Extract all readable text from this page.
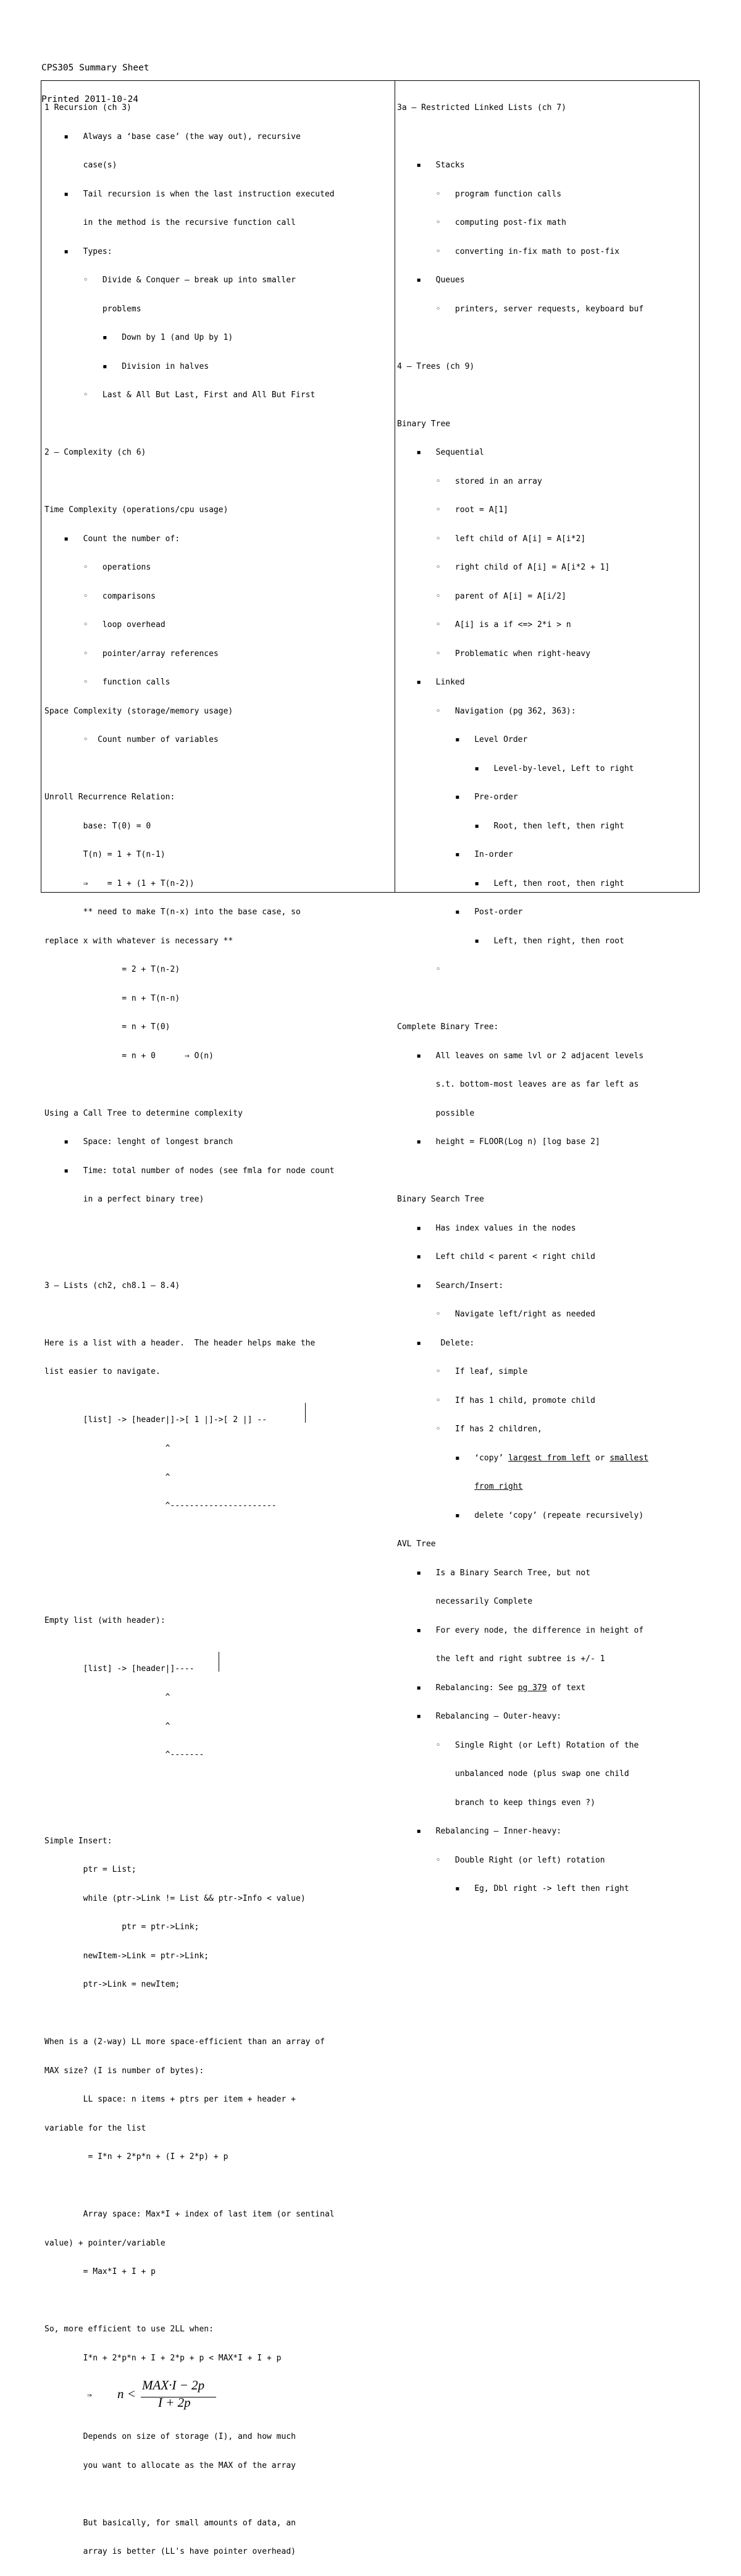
CPS305 Summary Sheet

Printed 2011-10-24

1 Recursion (ch 3)

▪   Always a ‘base case’ (the way out), recursive

case(s)

▪   Tail recursion is when the last instruction executed

in the method is the recursive function call

▪   Types:

◦   Divide & Conquer – break up into smaller

problems

▪   Down by 1 (and Up by 1)

▪   Division in halves

◦   Last & All But Last, First and All But First

2 – Complexity (ch 6)

Time Complexity (operations/cpu usage)

▪   Count the number of:

◦   operations

◦   comparisons

◦   loop overhead

◦   pointer/array references

◦   function calls

Space Complexity (storage/memory usage)

◦  Count number of variables

Unroll Recurrence Relation:

base: T(0) = 0

T(n) = 1 + T(n-1)

⇒    = 1 + (1 + T(n-2))

** need to make T(n-x) into the base case, so

replace x with whatever is necessary **

= 2 + T(n-2)

= n + T(n-n)

= n + T(0)

= n + 0      ⇒ O(n)

Using a Call Tree to determine complexity

▪   Space: lenght of longest branch

▪   Time: total number of nodes (see fmla for node count

in a perfect binary tree)

3 – Lists (ch2, ch8.1 – 8.4)

Here is a list with a header.  The header helps make the

list easier to navigate.

[list] -> [header|]->[ 1 |]->[ 2 |] --

^

^

^----------------------

Empty list (with header):

[list] -> [header|]----

^

^

^-------

Simple Insert:

ptr = List;

while (ptr->Link != List && ptr->Info < value)

ptr = ptr->Link;

newItem->Link = ptr->Link;

ptr->Link = newItem;

When is a (2-way) LL more space-efficient than an array of

MAX size? (I is number of bytes):

LL space: n items + ptrs per item + header +

variable for the list

= I*n + 2*p*n + (I + 2*p) + p

Array space: Max*I + index of last item (or sentinal

value) + pointer/variable

= Max*I + I + p

So, more efficient to use 2LL when:

I*n + 2*p*n + I + 2*p + p < MAX*I + I + p

⇒

n <

MAX·I − 2p

I + 2p

Depends on size of storage (I), and how much

you want to allocate as the MAX of the array

But basically, for small amounts of data, an

array is better (LL's have pointer overhead)

3a – Restricted Linked Lists (ch 7)

▪   Stacks

◦   program function calls

◦   computing post-fix math

◦   converting in-fix math to post-fix

▪   Queues

◦   printers, server requests, keyboard buf

4 – Trees (ch 9)

Binary Tree

▪   Sequential

◦   stored in an array

◦   root = A[1]

◦   left child of A[i] = A[i*2]

◦   right child of A[i] = A[i*2 + 1]

◦   parent of A[i] = A[i/2]

◦   A[i] is a if <=> 2*i > n

◦   Problematic when right-heavy

▪   Linked

◦   Navigation (pg 362, 363):

▪   Level Order

▪   Level-by-level, Left to right

▪   Pre-order

▪   Root, then left, then right

▪   In-order

▪   Left, then root, then right

▪   Post-order

▪   Left, then right, then root

◦

Complete Binary Tree:

▪   All leaves on same lvl or 2 adjacent levels

s.t. bottom-most leaves are as far left as

possible

▪   height = FLOOR(Log n) [log base 2]

Binary Search Tree

▪   Has index values in the nodes

▪   Left child < parent < right child

▪   Search/Insert:

◦   Navigate left/right as needed

▪    Delete:

◦   If leaf, simple

◦   If has 1 child, promote child

◦   If has 2 children,

▪   ‘copy’ largest from left or smallest

from right

▪   delete ‘copy’ (repeate recursively)

AVL Tree

▪   Is a Binary Search Tree, but not

necessarily Complete

▪   For every node, the difference in height of

the left and right subtree is +/- 1

▪   Rebalancing: See pg 379 of text

▪   Rebalancing – Outer-heavy:

◦   Single Right (or Left) Rotation of the

unbalanced node (plus swap one child

branch to keep things even ?)

▪   Rebalancing – Inner-heavy:

◦   Double Right (or left) rotation

▪   Eg, Dbl right -> left then right
